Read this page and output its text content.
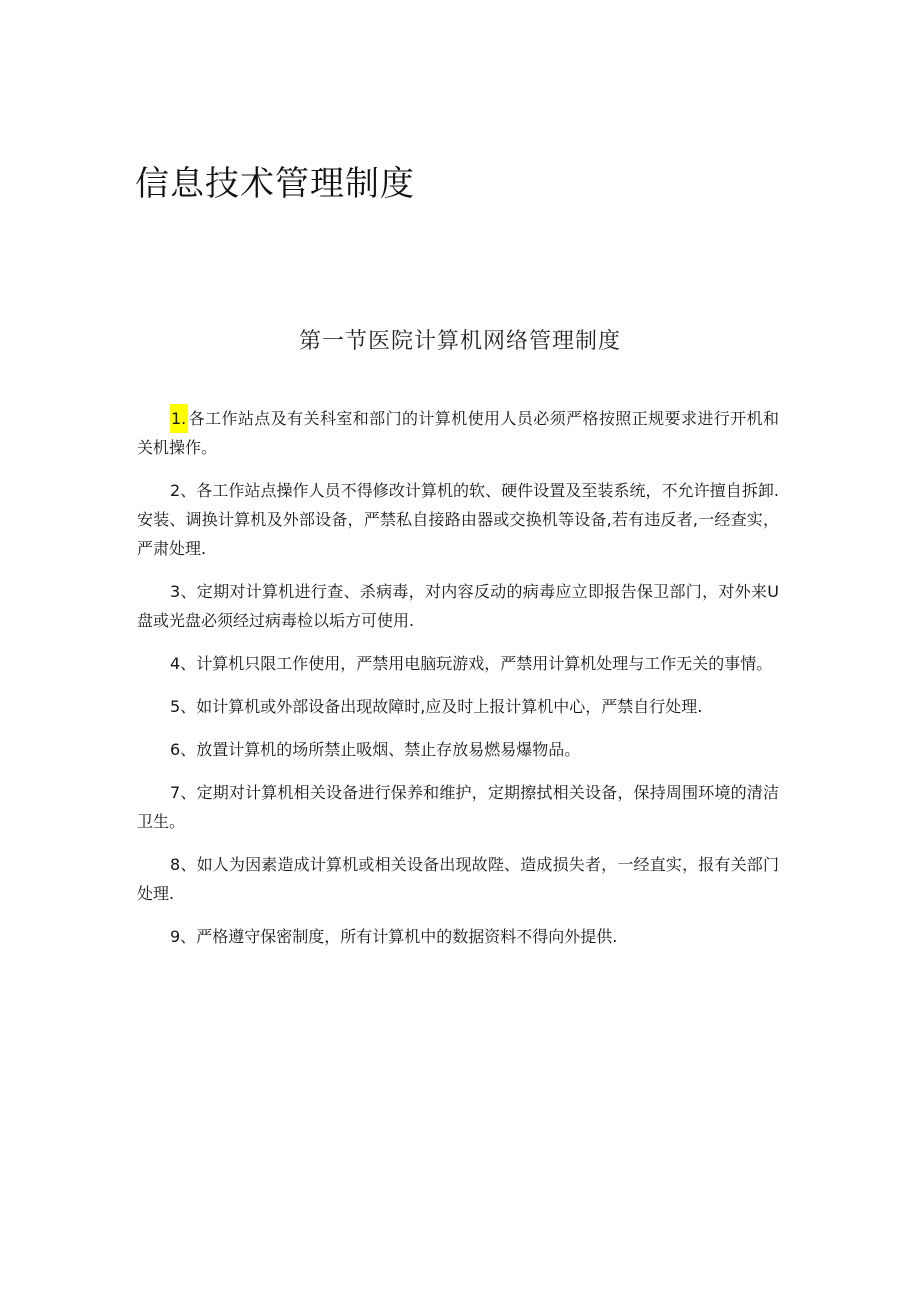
信息技术管理制度
第一节医院计算机网络管理制度

1. 各工作站点及有关科室和部门的计算机使用人员必须严格按照正规要求进行开机和关机操作。

2、各工作站点操作人员不得修改计算机的软、硬件设置及至装系统，不允许擅自拆卸.安装、调换计算机及外部设备，严禁私自接路由器或交换机等设备,若有违反者,一经查实，严肃处理.

3、定期对计算机进行查、杀病毒，对内容反动的病毒应立即报告保卫部门，对外来U盘或光盘必须经过病毒检以垢方可使用.

4、计算机只限工作使用，严禁用电脑玩游戏，严禁用计算机处理与工作无关的事情。

5、如计算机或外部设备出现故障时,应及时上报计算机中心，严禁自行处理.

6、放置计算机的场所禁止吸烟、禁止存放易燃易爆物品。

7、定期对计算机相关设备进行保养和维护，定期擦拭相关设备，保持周围环境的清洁卫生。

8、如人为因素造成计算机或相关设备出现故陛、造成损失者，一经直实，报有关部门处理.

9、严格遵守保密制度，所有计算机中的数据资料不得向外提供.
